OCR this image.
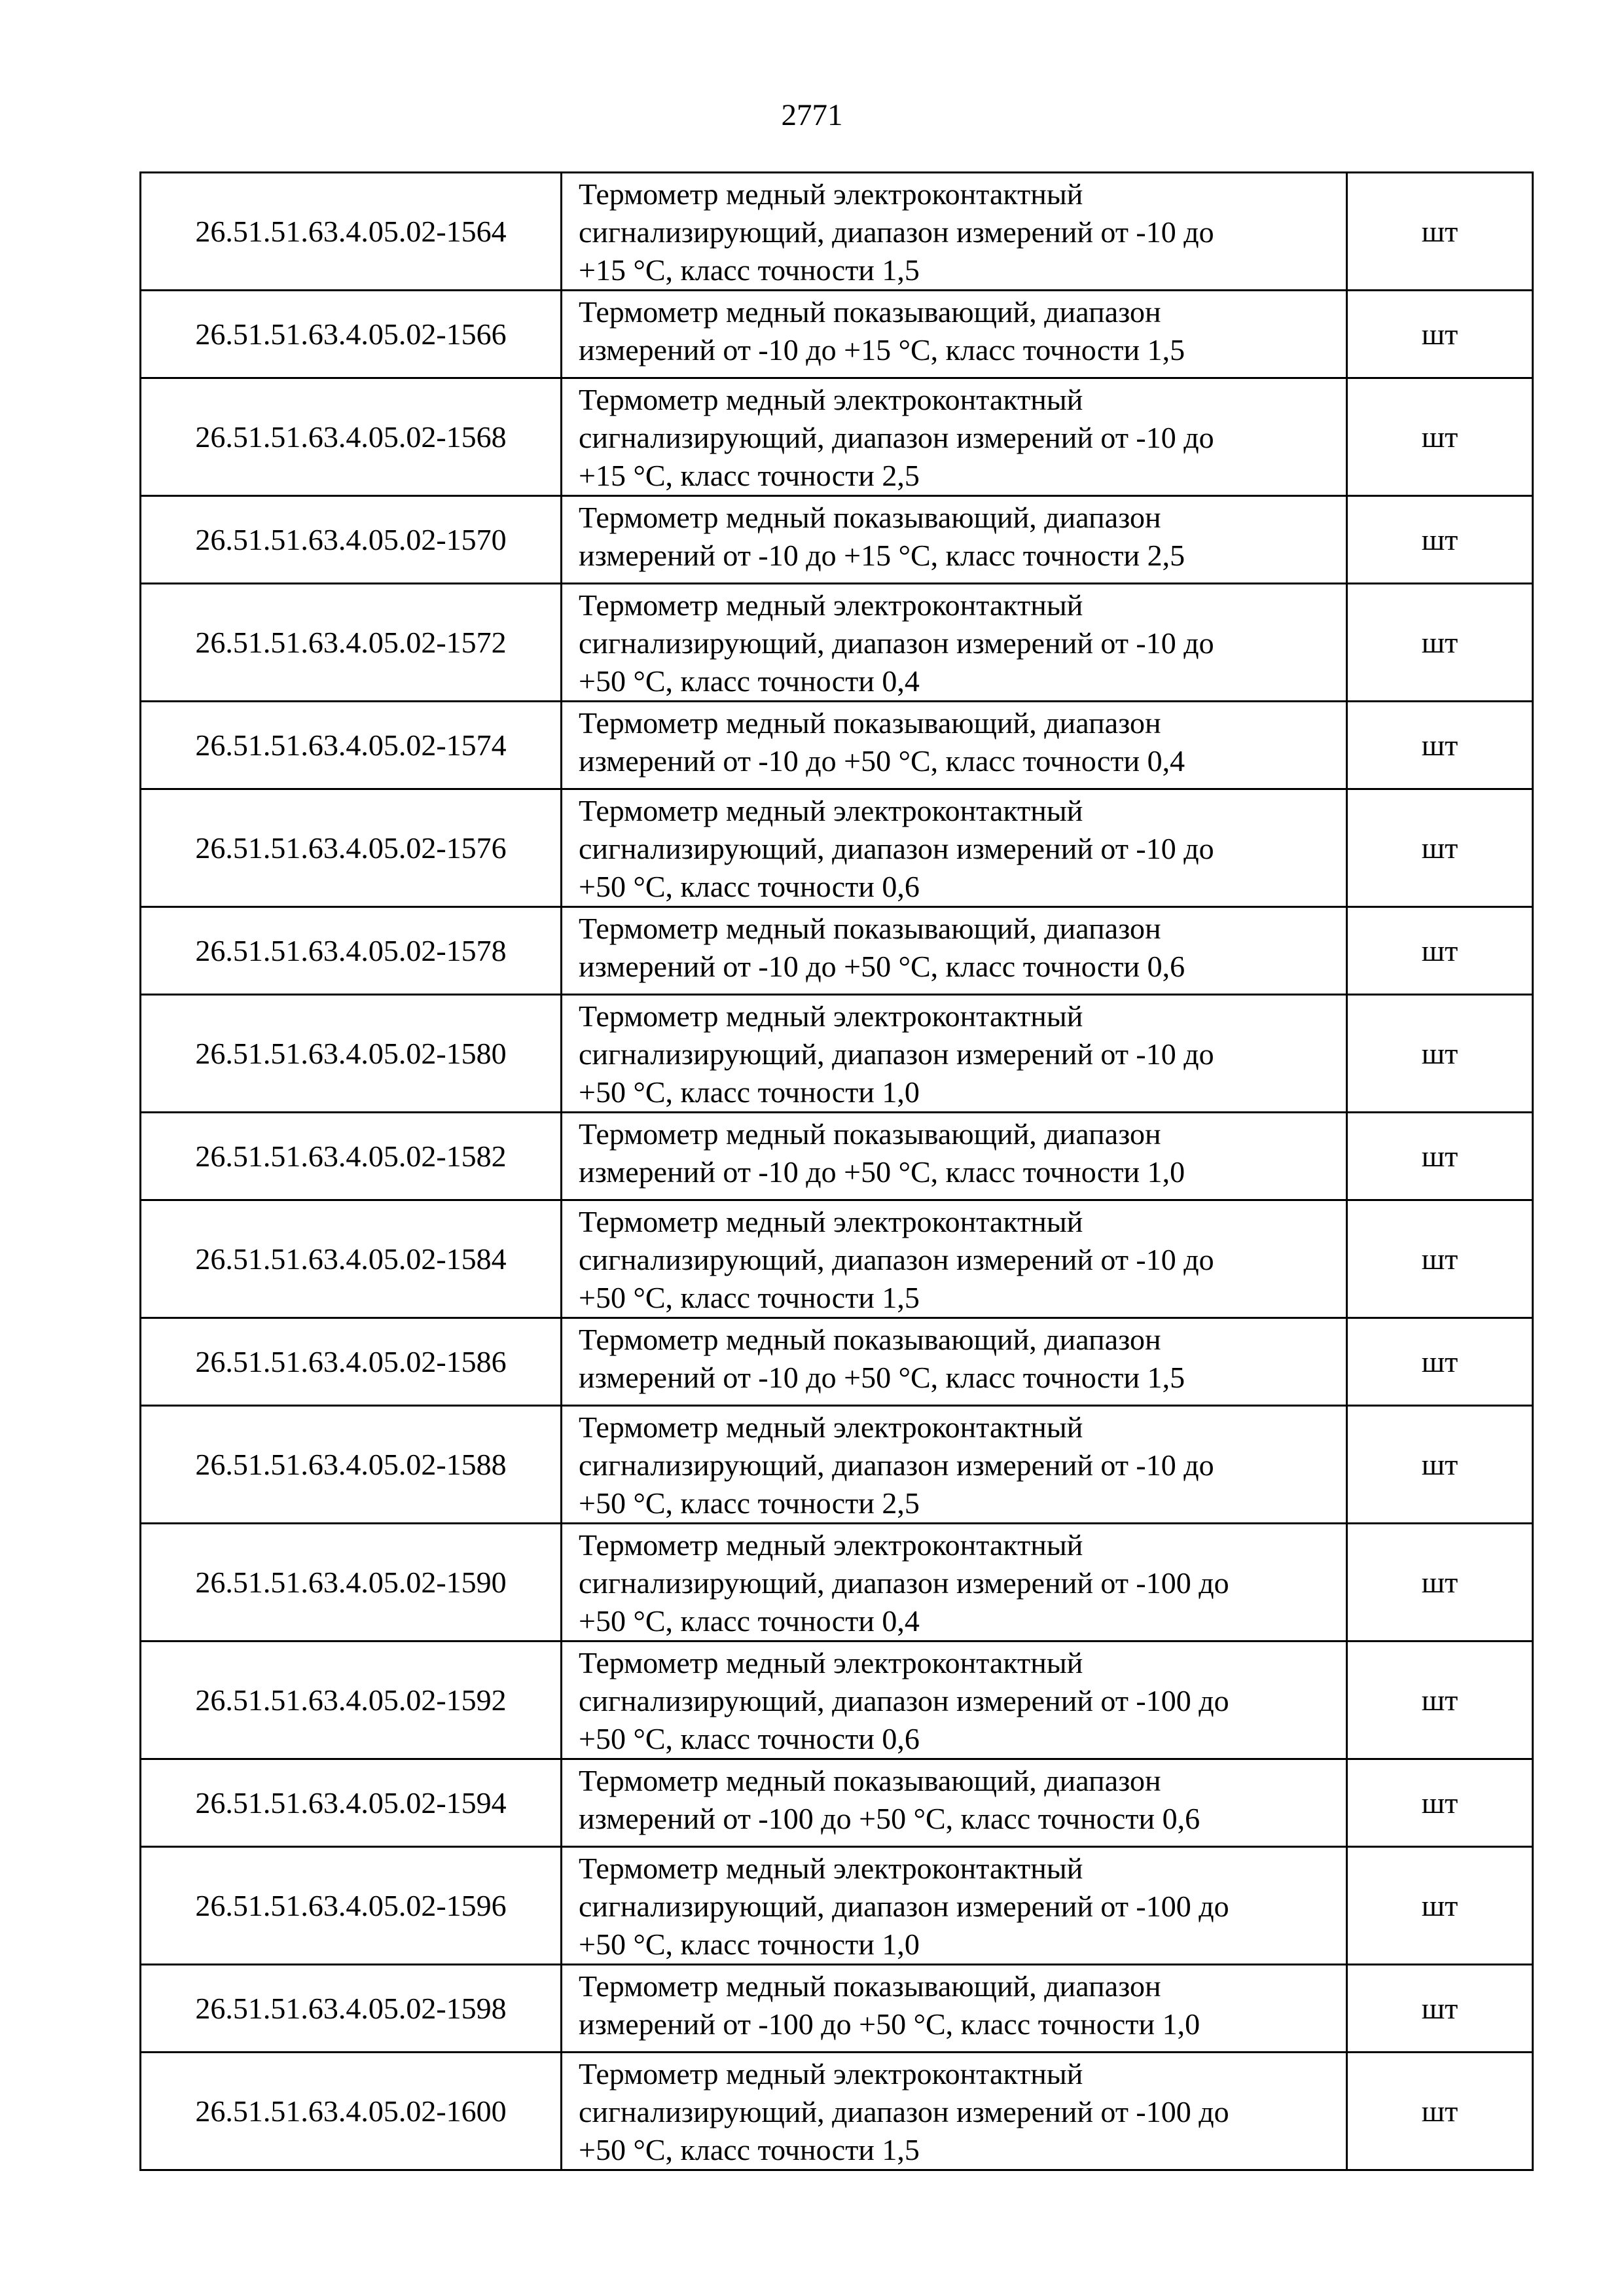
2771
26.51.51.63.4.05.02-1564	Термометр медный электроконтактный
сигнализирующий, диапазон измерений от -10 до
+15 °С, класс точности 1,5	шт
26.51.51.63.4.05.02-1566	Термометр медный показывающий, диапазон
измерений от -10 до +15 °С, класс точности 1,5	шт
26.51.51.63.4.05.02-1568	Термометр медный электроконтактный
сигнализирующий, диапазон измерений от -10 до
+15 °С, класс точности 2,5	шт
26.51.51.63.4.05.02-1570	Термометр медный показывающий, диапазон
измерений от -10 до +15 °С, класс точности 2,5	шт
26.51.51.63.4.05.02-1572	Термометр медный электроконтактный
сигнализирующий, диапазон измерений от -10 до
+50 °С, класс точности 0,4	шт
26.51.51.63.4.05.02-1574	Термометр медный показывающий, диапазон
измерений от -10 до +50 °С, класс точности 0,4	шт
26.51.51.63.4.05.02-1576	Термометр медный электроконтактный
сигнализирующий, диапазон измерений от -10 до
+50 °С, класс точности 0,6	шт
26.51.51.63.4.05.02-1578	Термометр медный показывающий, диапазон
измерений от -10 до +50 °С, класс точности 0,6	шт
26.51.51.63.4.05.02-1580	Термометр медный электроконтактный
сигнализирующий, диапазон измерений от -10 до
+50 °С, класс точности 1,0	шт
26.51.51.63.4.05.02-1582	Термометр медный показывающий, диапазон
измерений от -10 до +50 °С, класс точности 1,0	шт
26.51.51.63.4.05.02-1584	Термометр медный электроконтактный
сигнализирующий, диапазон измерений от -10 до
+50 °С, класс точности 1,5	шт
26.51.51.63.4.05.02-1586	Термометр медный показывающий, диапазон
измерений от -10 до +50 °С, класс точности 1,5	шт
26.51.51.63.4.05.02-1588	Термометр медный электроконтактный
сигнализирующий, диапазон измерений от -10 до
+50 °С, класс точности 2,5	шт
26.51.51.63.4.05.02-1590	Термометр медный электроконтактный
сигнализирующий, диапазон измерений от -100 до
+50 °С, класс точности 0,4	шт
26.51.51.63.4.05.02-1592	Термометр медный электроконтактный
сигнализирующий, диапазон измерений от -100 до
+50 °С, класс точности 0,6	шт
26.51.51.63.4.05.02-1594	Термометр медный показывающий, диапазон
измерений от -100 до +50 °С, класс точности 0,6	шт
26.51.51.63.4.05.02-1596	Термометр медный электроконтактный
сигнализирующий, диапазон измерений от -100 до
+50 °С, класс точности 1,0	шт
26.51.51.63.4.05.02-1598	Термометр медный показывающий, диапазон
измерений от -100 до +50 °С, класс точности 1,0	шт
26.51.51.63.4.05.02-1600	Термометр медный электроконтактный
сигнализирующий, диапазон измерений от -100 до
+50 °С, класс точности 1,5	шт
